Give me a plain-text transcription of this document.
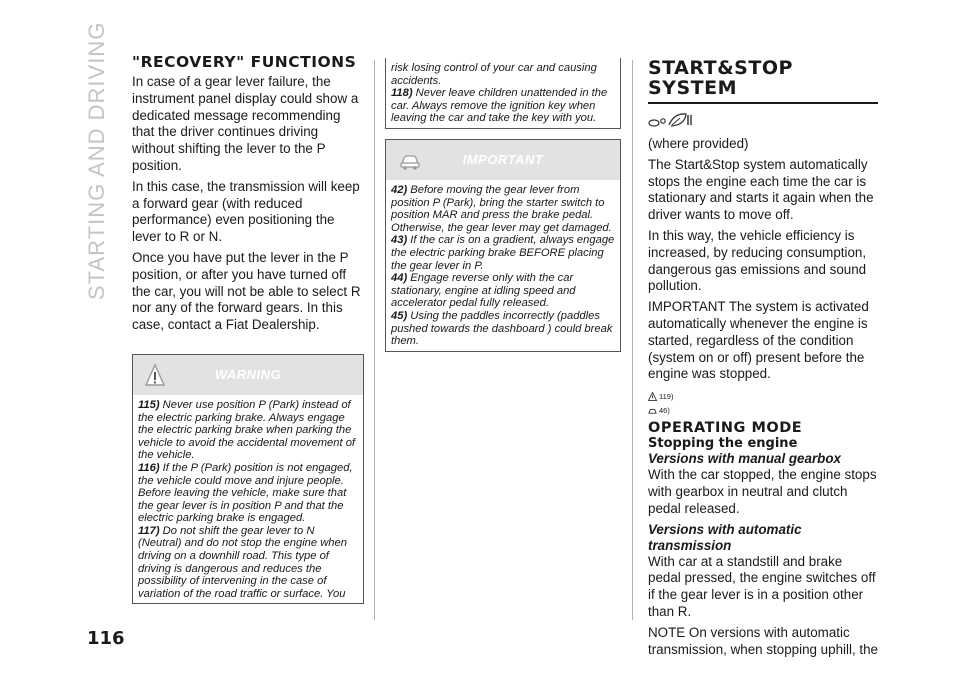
STARTING AND DRIVING
116
"RECOVERY" FUNCTIONS

In case of a gear lever failure, the instrument panel display could show a dedicated message recommending that the driver continues driving without shifting the lever to the P position.

In this case, the transmission will keep a forward gear (with reduced performance) even positioning the lever to R or N.

Once you have put the lever in the P position, or after you have turned off the car, you will not be able to select R nor any of the forward gears. In this case, contact a Fiat Dealership.

WARNING

115) Never use position P (Park) instead of the electric parking brake. Always engage the electric parking brake when parking the vehicle to avoid the accidental movement of the vehicle.

116) If the P (Park) position is not engaged, the vehicle could move and injure people. Before leaving the vehicle, make sure that the gear lever is in position P and that the electric parking brake is engaged.

117) Do not shift the gear lever to N (Neutral) and do not stop the engine when driving on a downhill road. This type of driving is dangerous and reduces the possibility of intervening in the case of variation of the road traffic or surface. You

risk losing control of your car and causing accidents.

118) Never leave children unattended in the car. Always remove the ignition key when leaving the car and take the key with you.

IMPORTANT

42) Before moving the gear lever from position P (Park), bring the starter switch to position MAR and press the brake pedal. Otherwise, the gear lever may get damaged.

43) If the car is on a gradient, always engage the electric parking brake BEFORE placing the gear lever in P.

44) Engage reverse only with the car stationary, engine at idling speed and accelerator pedal fully released.

45) Using the paddles incorrectly (paddles pushed towards the dashboard ) could break them.

START&STOP
SYSTEM

(where provided)

The Start&Stop system automatically stops the engine each time the car is stationary and starts it again when the driver wants to move off.

In this way, the vehicle efficiency is increased, by reducing consumption, dangerous gas emissions and sound pollution.

IMPORTANT The system is activated automatically whenever the engine is started, regardless of the condition (system on or off) present before the engine was stopped.

119)
46)
OPERATING MODE

Stopping the engine

Versions with manual gearbox

With the car stopped, the engine stops with gearbox in neutral and clutch pedal released.

Versions with automatic transmission

With car at a standstill and brake pedal pressed, the engine switches off if the gear lever is in a position other than R.

NOTE On versions with automatic transmission, when stopping uphill, the
